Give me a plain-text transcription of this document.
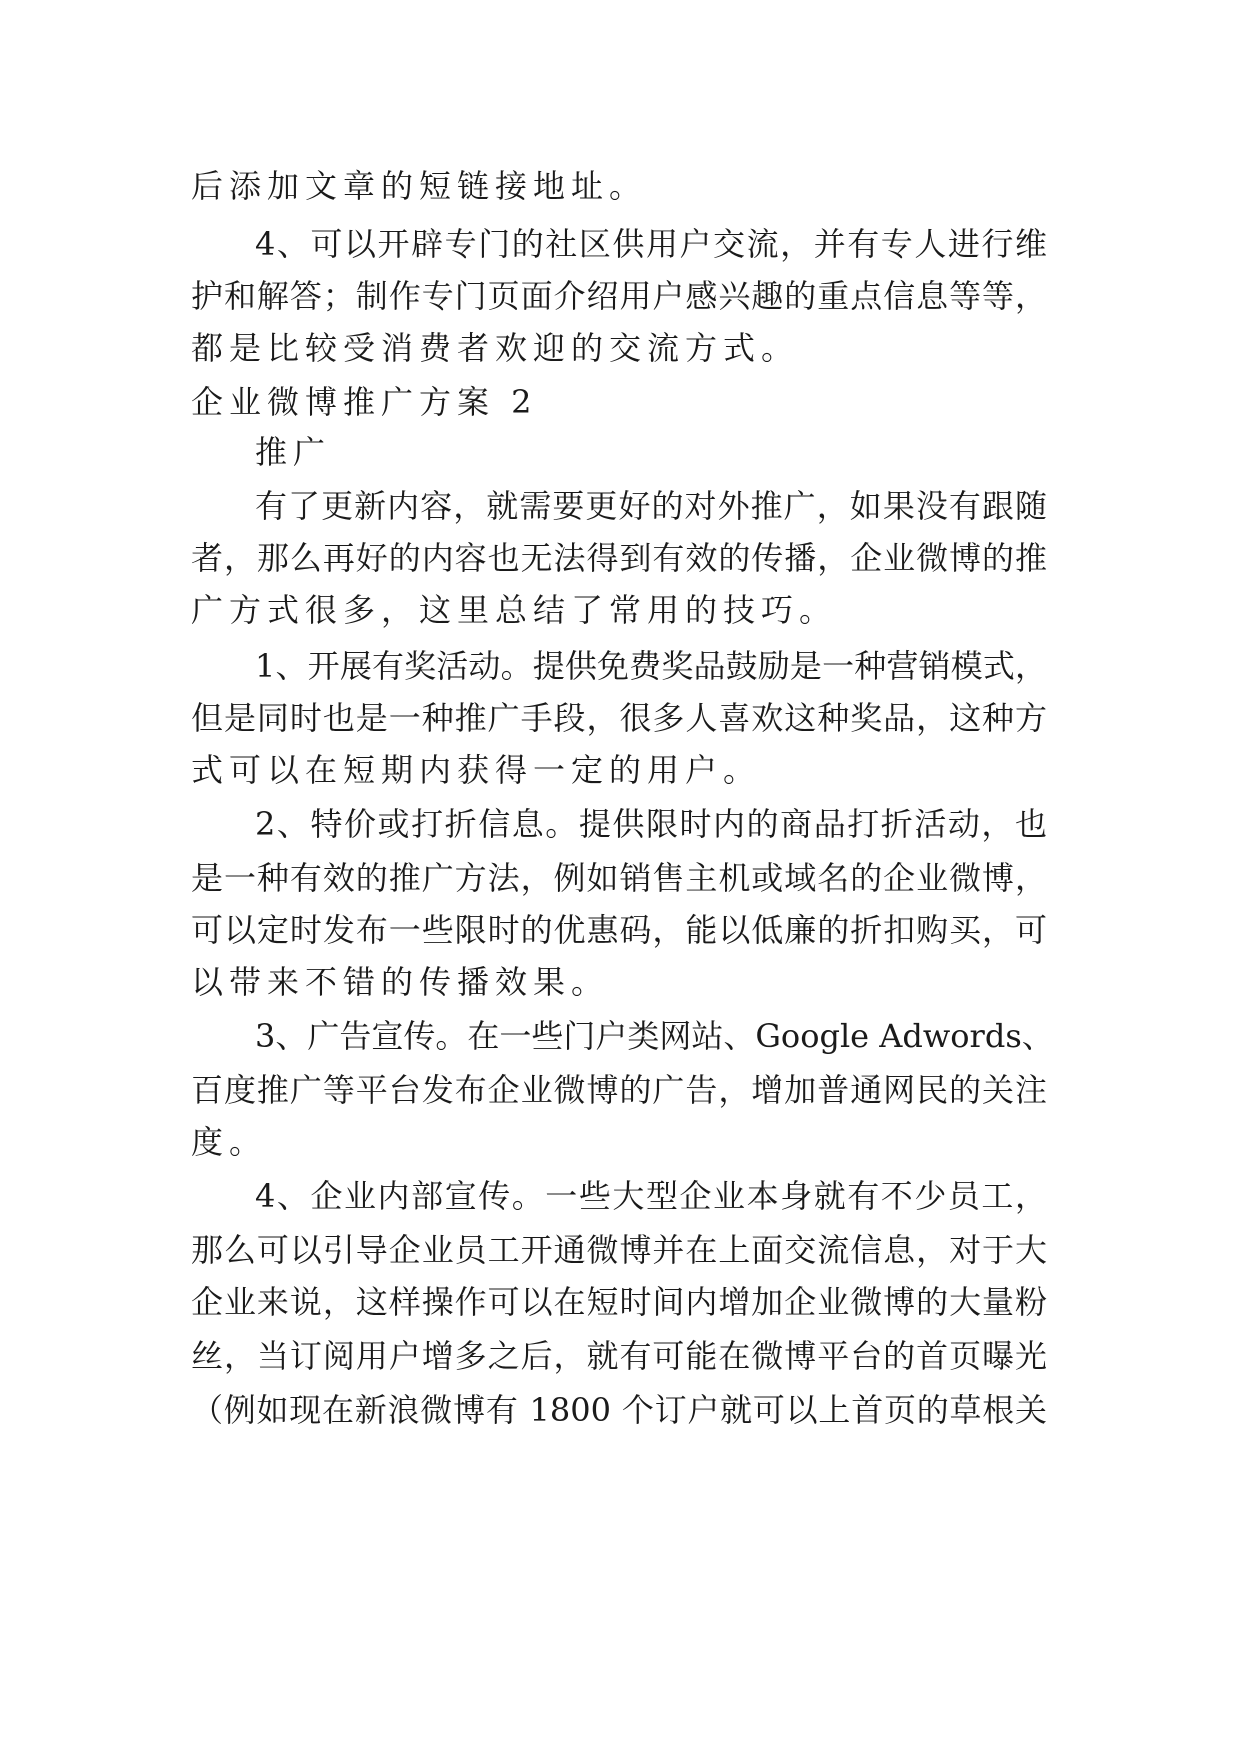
后添加文章的短链接地址。
4、可以开辟专门的社区供用户交流，并有专人进行维
护和解答；制作专门页面介绍用户感兴趣的重点信息等等，
都是比较受消费者欢迎的交流方式。
企业微博推广方案 2
推广
有了更新内容，就需要更好的对外推广，如果没有跟随
者，那么再好的内容也无法得到有效的传播，企业微博的推
广方式很多，这里总结了常用的技巧。
1、开展有奖活动。提供免费奖品鼓励是一种营销模式，
但是同时也是一种推广手段，很多人喜欢这种奖品，这种方
式可以在短期内获得一定的用户。
2、特价或打折信息。提供限时内的商品打折活动，也
是一种有效的推广方法，例如销售主机或域名的企业微博，
可以定时发布一些限时的优惠码，能以低廉的折扣购买，可
以带来不错的传播效果。
3、广告宣传。在一些门户类网站、Google Adwords、
百度推广等平台发布企业微博的广告，增加普通网民的关注
度。
4、企业内部宣传。一些大型企业本身就有不少员工，
那么可以引导企业员工开通微博并在上面交流信息，对于大
企业来说，这样操作可以在短时间内增加企业微博的大量粉
丝，当订阅用户增多之后，就有可能在微博平台的首页曝光
（例如现在新浪微博有 1800 个订户就可以上首页的草根关
